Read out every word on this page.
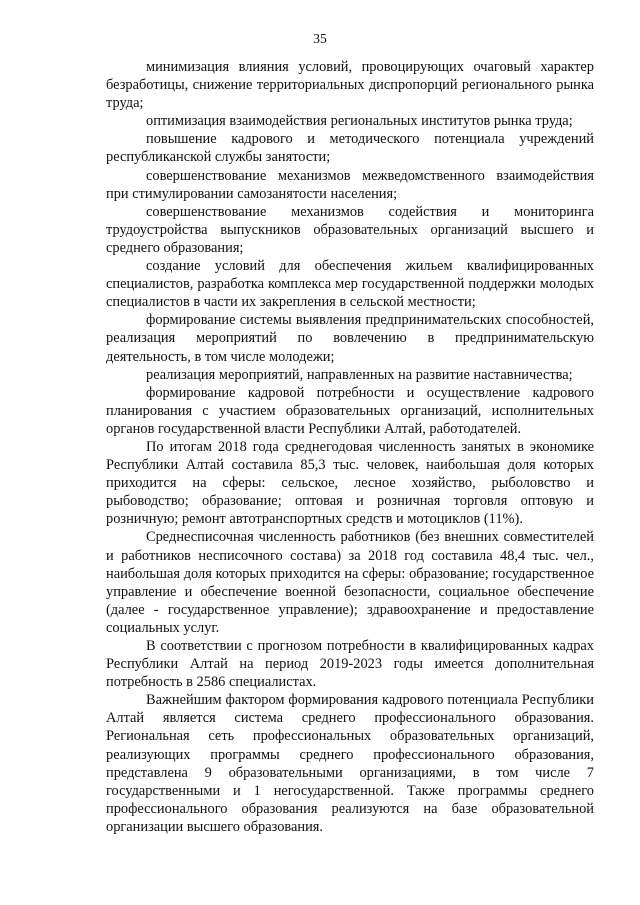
35

минимизация влияния условий, провоцирующих очаговый характер безработицы, снижение территориальных диспропорций регионального рынка труда;

оптимизация взаимодействия региональных институтов рынка труда;

повышение кадрового и методического потенциала учреждений республиканской службы занятости;

совершенствование механизмов межведомственного взаимодействия при стимулировании самозанятости населения;

совершенствование механизмов содействия и мониторинга трудоустройства выпускников образовательных организаций высшего и среднего образования;

создание условий для обеспечения жильем квалифицированных специалистов, разработка комплекса мер государственной поддержки молодых специалистов в части их закрепления в сельской местности;

формирование системы выявления предпринимательских способностей, реализация мероприятий по вовлечению в предпринимательскую деятельность, в том числе молодежи;

реализация мероприятий, направленных на развитие наставничества;

формирование кадровой потребности и осуществление кадрового планирования с участием образовательных организаций, исполнительных органов государственной власти Республики Алтай, работодателей.

По итогам 2018 года среднегодовая численность занятых в экономике Республики Алтай составила 85,3 тыс. человек, наибольшая доля которых приходится на сферы: сельское, лесное хозяйство, рыболовство и рыбоводство; образование; оптовая и розничная торговля оптовую и розничную; ремонт автотранспортных средств и мотоциклов (11%).

Среднесписочная численность работников (без внешних совместителей и работников несписочного состава) за 2018 год составила 48,4 тыс. чел., наибольшая доля которых приходится на сферы: образование; государственное управление и обеспечение военной безопасности, социальное обеспечение (далее - государственное управление); здравоохранение и предоставление социальных услуг.

В соответствии с прогнозом потребности в квалифицированных кадрах Республики Алтай на период 2019-2023 годы имеется дополнительная потребность в 2586 специалистах.

Важнейшим фактором формирования кадрового потенциала Республики Алтай является система среднего профессионального образования. Региональная сеть профессиональных образовательных организаций, реализующих программы среднего профессионального образования, представлена 9 образовательными организациями, в том числе 7 государственными и 1 негосударственной. Также программы среднего профессионального образования реализуются на базе образовательной организации высшего образования.
